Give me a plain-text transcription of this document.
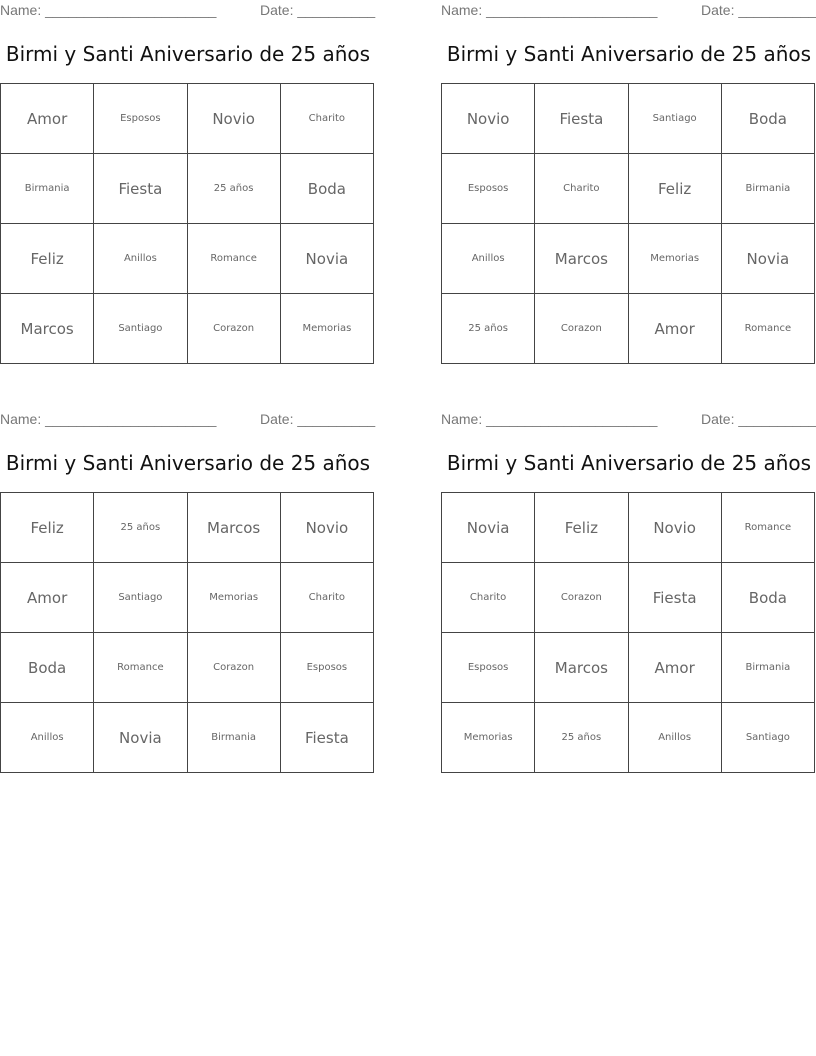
Name: ______________________	Date: __________
Birmi y Santi Aniversario de 25 años
Amor	Esposos	Novio	Charito
Birmania	Fiesta	25 años	Boda
Feliz	Anillos	Romance	Novia
Marcos	Santiago	Corazon	Memorias
Name: ______________________	Date: __________
Birmi y Santi Aniversario de 25 años
Novio	Fiesta	Santiago	Boda
Esposos	Charito	Feliz	Birmania
Anillos	Marcos	Memorias	Novia
25 años	Corazon	Amor	Romance
Name: ______________________	Date: __________
Birmi y Santi Aniversario de 25 años
Feliz	25 años	Marcos	Novio
Amor	Santiago	Memorias	Charito
Boda	Romance	Corazon	Esposos
Anillos	Novia	Birmania	Fiesta
Name: ______________________	Date: __________
Birmi y Santi Aniversario de 25 años
Novia	Feliz	Novio	Romance
Charito	Corazon	Fiesta	Boda
Esposos	Marcos	Amor	Birmania
Memorias	25 años	Anillos	Santiago
